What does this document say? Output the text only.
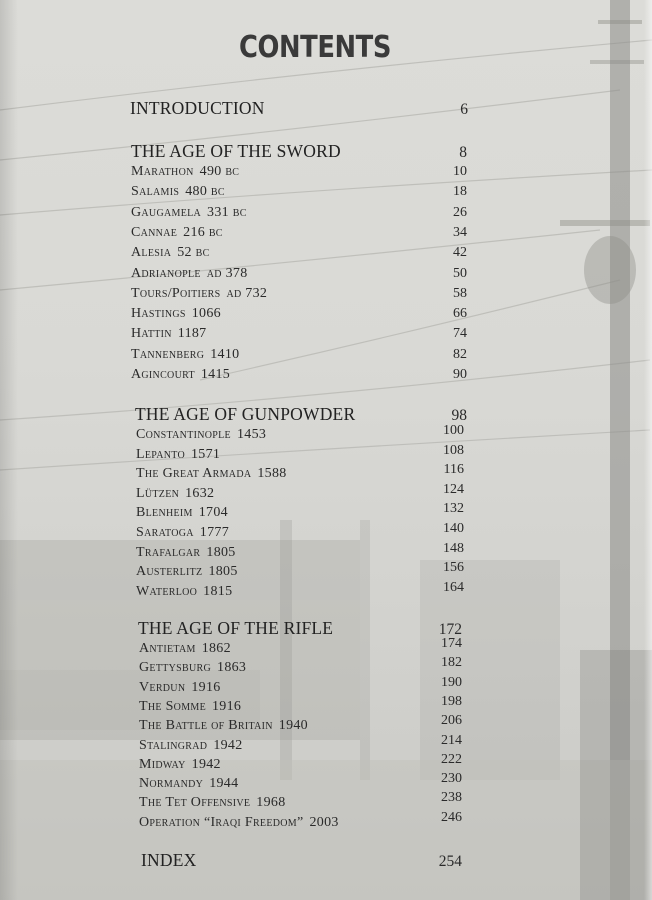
CONTENTS
INTRODUCTION	6
THE AGE OF THE SWORD	8
Marathon 490 bc	10
Salamis 480 bc	18
Gaugamela 331 bc	26
Cannae 216 bc	34
Alesia 52 bc	42
Adrianople ad 378	50
Tours/Poitiers ad 732	58
Hastings 1066	66
Hattin 1187	74
Tannenberg 1410	82
Agincourt 1415	90
THE AGE OF GUNPOWDER	98
Constantinople 1453	100
Lepanto 1571	108
The Great Armada 1588	116
Lützen 1632	124
Blenheim 1704	132
Saratoga 1777	140
Trafalgar 1805	148
Austerlitz 1805	156
Waterloo 1815	164
THE AGE OF THE RIFLE	172
Antietam 1862	174
Gettysburg 1863	182
Verdun 1916	190
The Somme 1916	198
The Battle of Britain 1940	206
Stalingrad 1942	214
Midway 1942	222
Normandy 1944	230
The Tet Offensive 1968	238
Operation “Iraqi Freedom” 2003	246
INDEX	254
